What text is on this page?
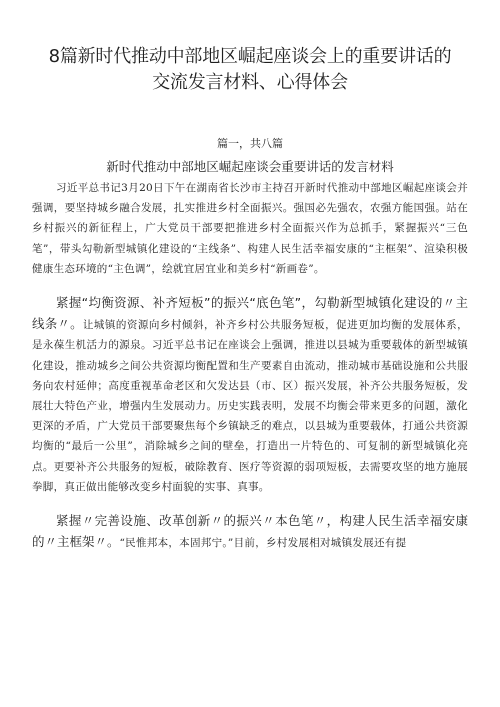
8篇新时代推动中部地区崛起座谈会上的重要讲话的
交流发言材料、心得体会
篇一，共八篇
新时代推动中部地区崛起座谈会重要讲话的发言材料

习近平总书记3月20日下午在湖南省长沙市主持召开新时代推动中部地区崛起座谈会并强调，要坚持城乡融合发展，扎实推进乡村全面振兴。强国必先强农，农强方能国强。站在乡村振兴的新征程上，广大党员干部要把推进乡村全面振兴作为总抓手，紧握振兴“三色笔”，带头勾勒新型城镇化建设的“主线条”、构建人民生活幸福安康的“主框架”、渲染积极健康生态环境的“主色调”，绘就宜居宜业和美乡村“新画卷”。

紧握“均衡资源、补齐短板”的振兴“底色笔”，勾勒新型城镇化建设的〃主线条〃。让城镇的资源向乡村倾斜，补齐乡村公共服务短板，促进更加均衡的发展体系，是永葆生机活力的源泉。习近平总书记在座谈会上强调，推进以县城为重要载体的新型城镇化建设，推动城乡之间公共资源均衡配置和生产要素自由流动，推动城市基础设施和公共服务向农村延伸；高度重视革命老区和欠发达县（市、区）振兴发展，补齐公共服务短板，发展壮大特色产业，增强内生发展动力。历史实践表明，发展不均衡会带来更多的问题，激化更深的矛盾，广大党员干部要聚焦每个乡镇缺乏的难点，以县城为重要载体，打通公共资源均衡的“最后一公里”，消除城乡之间的壁垒，打造出一片特色的、可复制的新型城镇化亮点。更要补齐公共服务的短板，破除教育、医疗等资源的弱项短板，去需要攻坚的地方施展拳脚，真正做出能够改变乡村面貌的实事、真事。

紧握〃完善设施、改革创新〃的振兴〃本色笔〃，构建人民生活幸福安康的〃主框架〃。“民惟邦本，本固邦宁。”目前，乡村发展相对城镇发展还有提
